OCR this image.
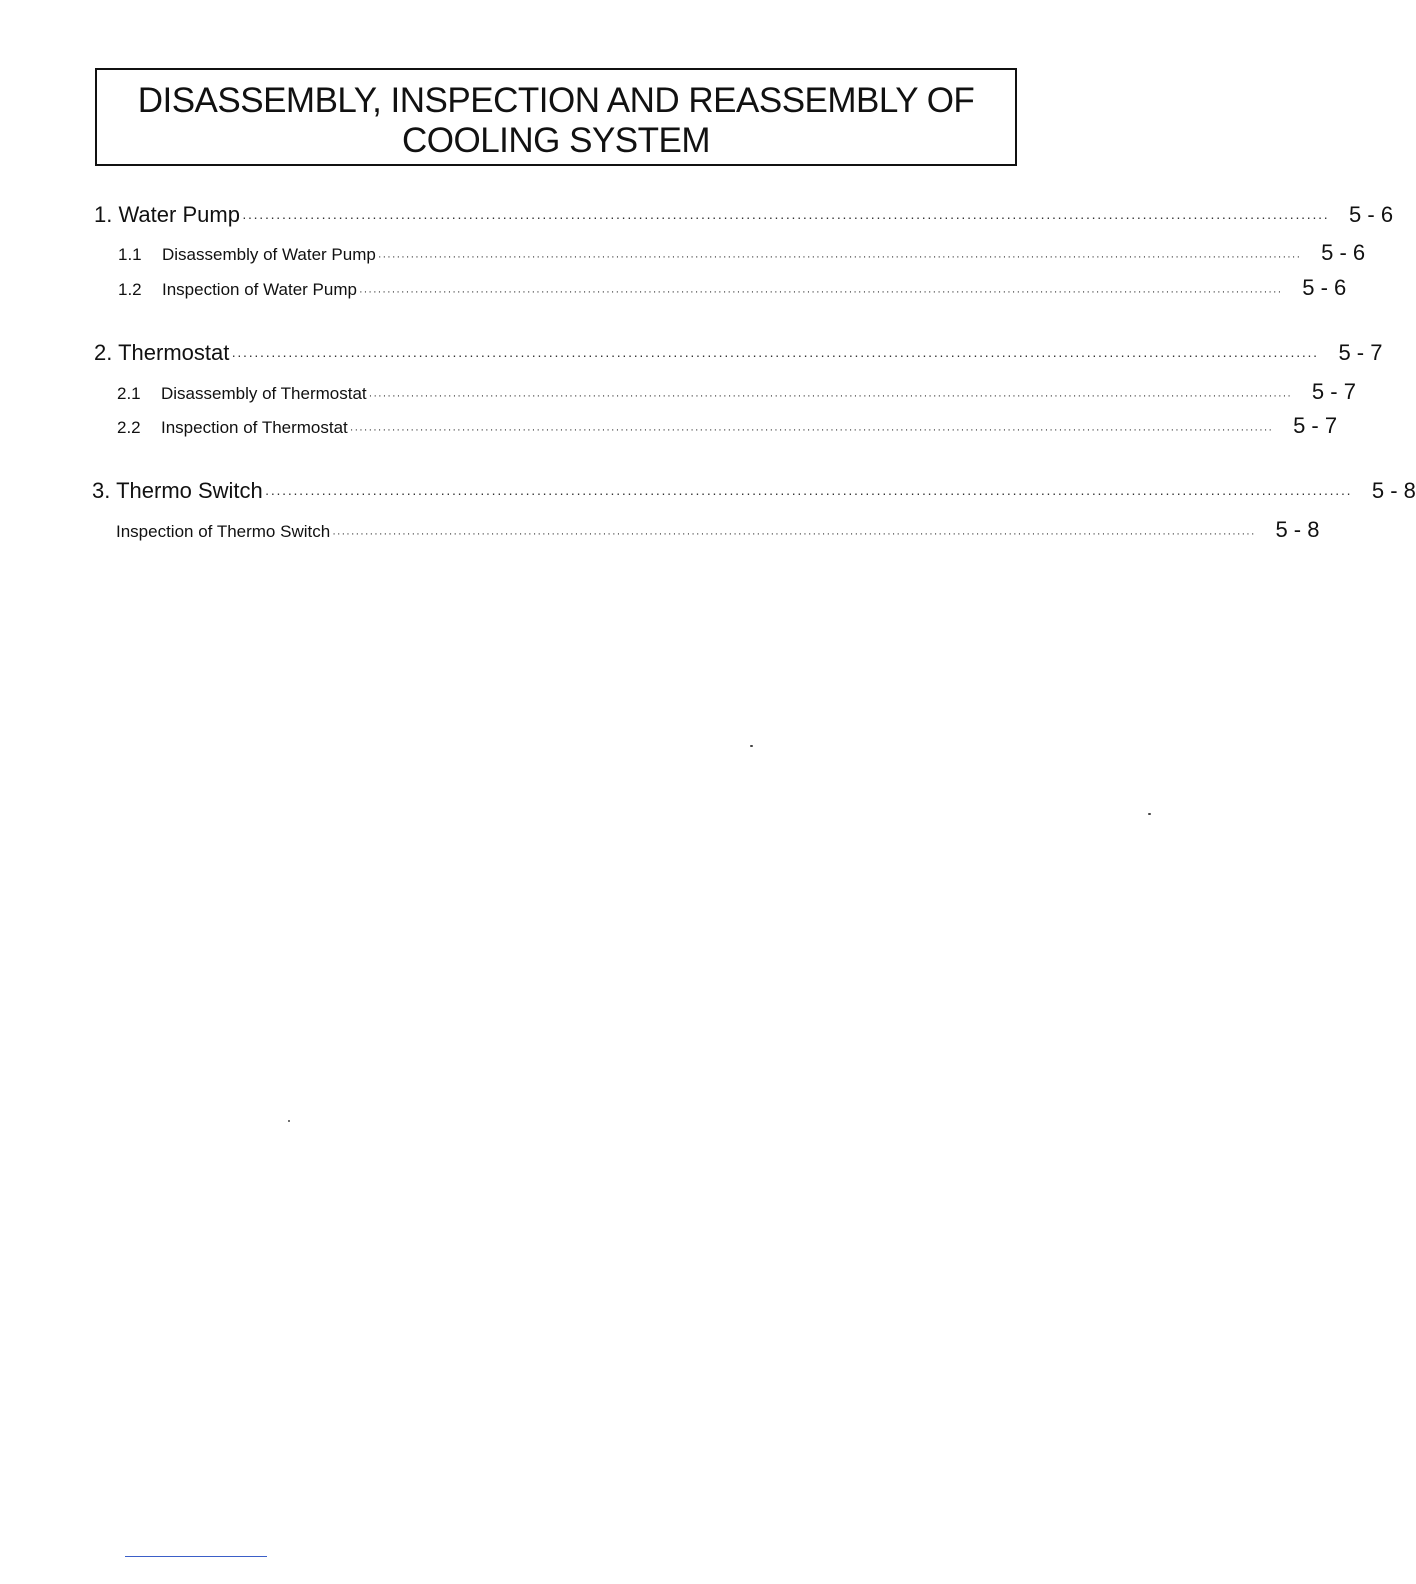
DISASSEMBLY, INSPECTION AND REASSEMBLY OF
COOLING SYSTEM
1. Water Pump ································································································································································································ 5 - 6
1.1 Disassembly of Water Pump ······································································································································································································ 5 - 6
1.2 Inspection of Water Pump ······································································································································································································ 5 - 6
2. Thermostat ································································································································································································ 5 - 7
2.1 Disassembly of Thermostat ······································································································································································································ 5 - 7
2.2 Inspection of Thermostat ······································································································································································································ 5 - 7
3. Thermo Switch ································································································································································································ 5 - 8
Inspection of Thermo Switch ······································································································································································································ 5 - 8
